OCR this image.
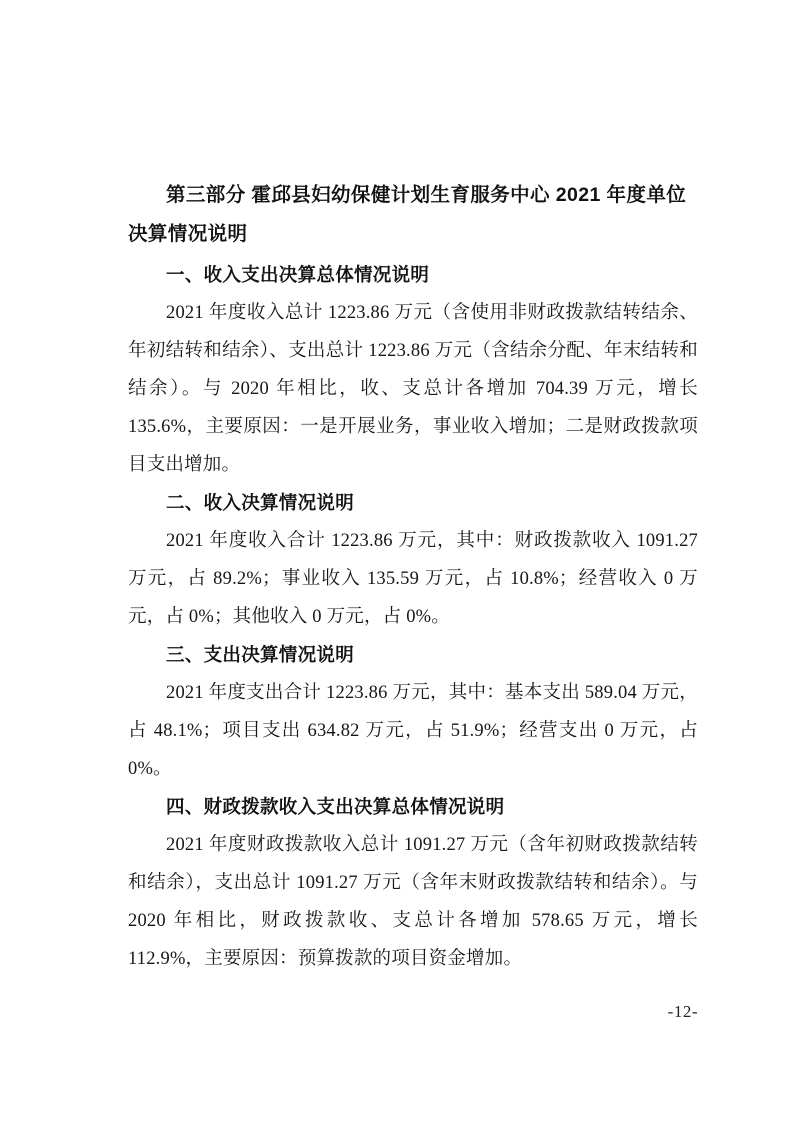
第三部分 霍邱县妇幼保健计划生育服务中心 2021 年度单位决算情况说明

一、收入支出决算总体情况说明

2021 年度收入总计 1223.86 万元（含使用非财政拨款结转结余、年初结转和结余）、支出总计 1223.86 万元（含结余分配、年末结转和结余）。与 2020 年相比，收、支总计各增加 704.39 万元，增长 135.6%，主要原因：一是开展业务，事业收入增加；二是财政拨款项目支出增加。

二、收入决算情况说明

2021 年度收入合计 1223.86 万元，其中：财政拨款收入 1091.27 万元，占 89.2%；事业收入 135.59 万元，占 10.8%；经营收入 0 万元，占 0%；其他收入 0 万元，占 0%。

三、支出决算情况说明

2021 年度支出合计 1223.86 万元，其中：基本支出 589.04 万元，占 48.1%；项目支出 634.82 万元，占 51.9%；经营支出 0 万元，占 0%。

四、财政拨款收入支出决算总体情况说明

2021 年度财政拨款收入总计 1091.27 万元（含年初财政拨款结转和结余），支出总计 1091.27 万元（含年末财政拨款结转和结余）。与 2020 年相比，财政拨款收、支总计各增加 578.65 万元，增长 112.9%，主要原因：预算拨款的项目资金增加。

-12-
